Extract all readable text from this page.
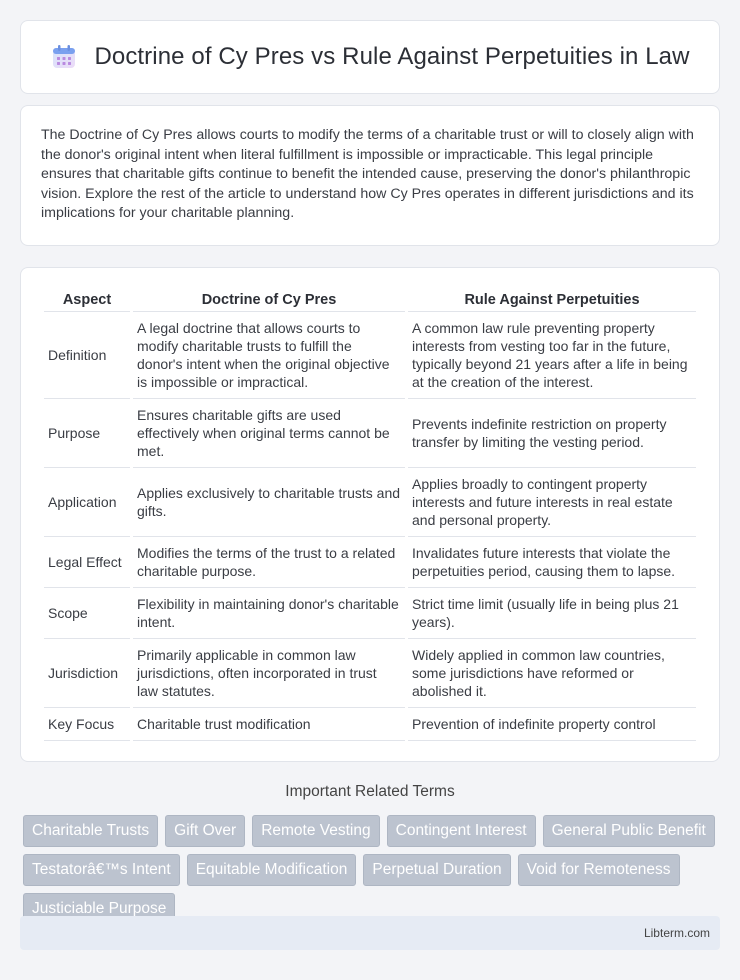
Doctrine of Cy Pres vs Rule Against Perpetuities in Law

The Doctrine of Cy Pres allows courts to modify the terms of a charitable trust or will to closely align with the donor's original intent when literal fulfillment is impossible or impracticable. This legal principle ensures that charitable gifts continue to benefit the intended cause, preserving the donor's philanthropic vision. Explore the rest of the article to understand how Cy Pres operates in different jurisdictions and its implications for your charitable planning.

Aspect	Doctrine of Cy Pres	Rule Against Perpetuities
Definition	A legal doctrine that allows courts to modify charitable trusts to fulfill the donor's intent when the original objective is impossible or impractical.	A common law rule preventing property interests from vesting too far in the future, typically beyond 21 years after a life in being at the creation of the interest.
Purpose	Ensures charitable gifts are used effectively when original terms cannot be met.	Prevents indefinite restriction on property transfer by limiting the vesting period.
Application	Applies exclusively to charitable trusts and gifts.	Applies broadly to contingent property interests and future interests in real estate and personal property.
Legal Effect	Modifies the terms of the trust to a related charitable purpose.	Invalidates future interests that violate the perpetuities period, causing them to lapse.
Scope	Flexibility in maintaining donor's charitable intent.	Strict time limit (usually life in being plus 21 years).
Jurisdiction	Primarily applicable in common law jurisdictions, often incorporated in trust law statutes.	Widely applied in common law countries, some jurisdictions have reformed or abolished it.
Key Focus	Charitable trust modification	Prevention of indefinite property control
Important Related Terms
Charitable Trusts	Gift Over	Remote Vesting	Contingent Interest	General Public Benefit
Testatorâ€™s Intent	Equitable Modification	Perpetual Duration	Void for Remoteness
Justiciable Purpose
Libterm.com
